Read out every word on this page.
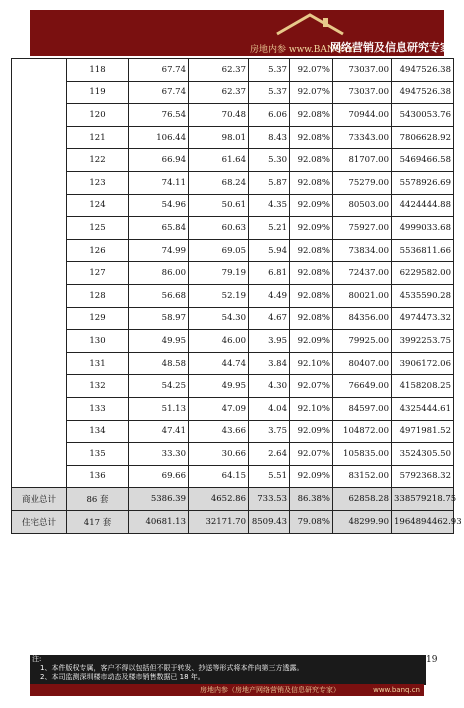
房地内参 www.BANQ.cn
网络营销及信息研究专家
	118	67.74	62.37	5.37	92.07%	73037.00	4947526.38
	119	67.74	62.37	5.37	92.07%	73037.00	4947526.38
	120	76.54	70.48	6.06	92.08%	70944.00	5430053.76
	121	106.44	98.01	8.43	92.08%	73343.00	7806628.92
	122	66.94	61.64	5.30	92.08%	81707.00	5469466.58
	123	74.11	68.24	5.87	92.08%	75279.00	5578926.69
	124	54.96	50.61	4.35	92.09%	80503.00	4424444.88
	125	65.84	60.63	5.21	92.09%	75927.00	4999033.68
	126	74.99	69.05	5.94	92.08%	73834.00	5536811.66
	127	86.00	79.19	6.81	92.08%	72437.00	6229582.00
	128	56.68	52.19	4.49	92.08%	80021.00	4535590.28
	129	58.97	54.30	4.67	92.08%	84356.00	4974473.32
	130	49.95	46.00	3.95	92.09%	79925.00	3992253.75
	131	48.58	44.74	3.84	92.10%	80407.00	3906172.06
	132	54.25	49.95	4.30	92.07%	76649.00	4158208.25
	133	51.13	47.09	4.04	92.10%	84597.00	4325444.61
	134	47.41	43.66	3.75	92.09%	104872.00	4971981.52
	135	33.30	30.66	2.64	92.07%	105835.00	3524305.50
	136	69.66	64.15	5.51	92.09%	83152.00	5792368.32
商业总计	86 套	5386.39	4652.86	733.53	86.38%	62858.28	338579218.75
住宅总计	417 套	40681.13	32171.70	8509.43	79.08%	48299.90	1964894462.93
19
注:
1、本件版权专属，客户不得以包括但不限于转发、抄送等形式将本件向第三方透露。
2、本司监测深圳楼市动态及楼市销售数据已 18 年。
房地内参（房地产网络营销及信息研究专家）	www.banq.cn
